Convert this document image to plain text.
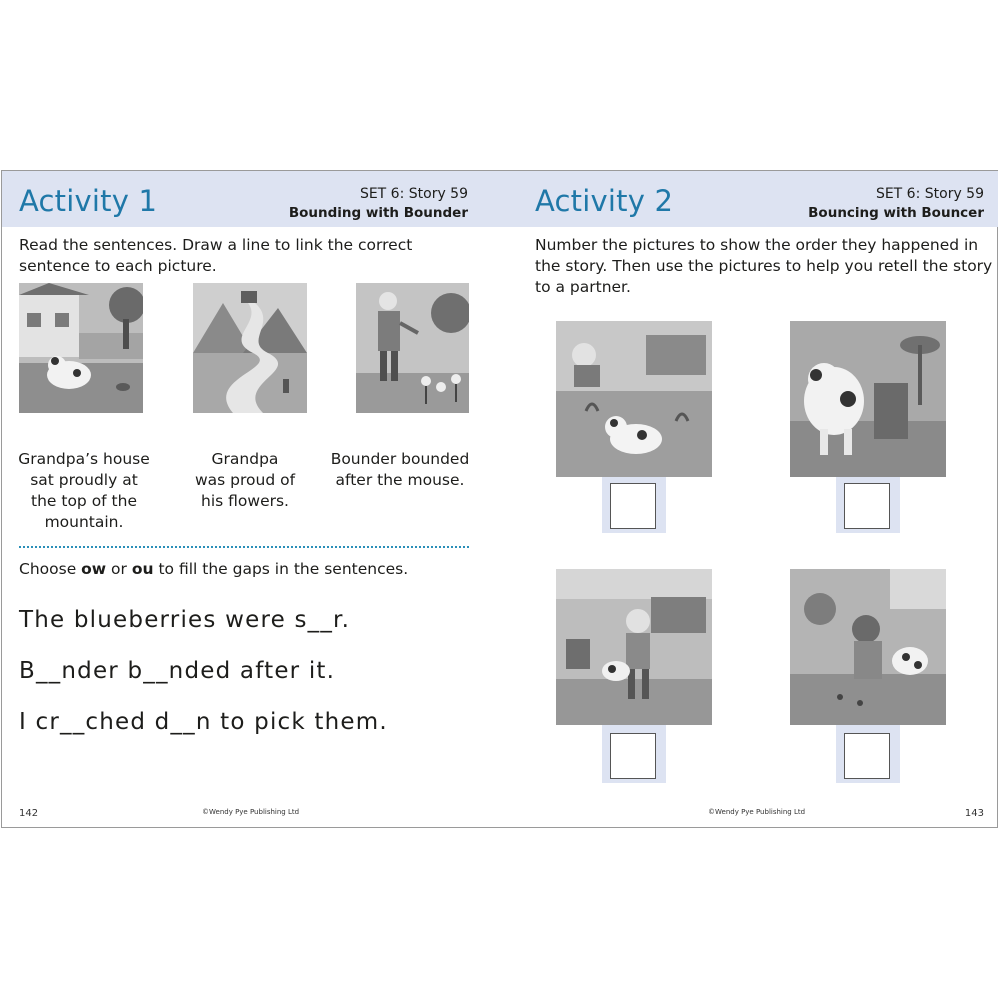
Activity 1	SET 6: Story 59
Bounding with Bounder
Read the sentences. Draw a line to link the correct
sentence to each picture.
Grandpa’s house
sat proudly at
the top of the
mountain.
Grandpa
was proud of
his flowers.
Bounder bounded
after the mouse.
Choose ow or ou to fill the gaps in the sentences.
The blueberries were s__r.
B__nder b__nded after it.
I cr__ched d__n to pick them.
142	©Wendy Pye Publishing Ltd
Activity 2	SET 6: Story 59
Bouncing with Bouncer
Number the pictures to show the order they happened in
the story. Then use the pictures to help you retell the story
to a partner.
©Wendy Pye Publishing Ltd	143
